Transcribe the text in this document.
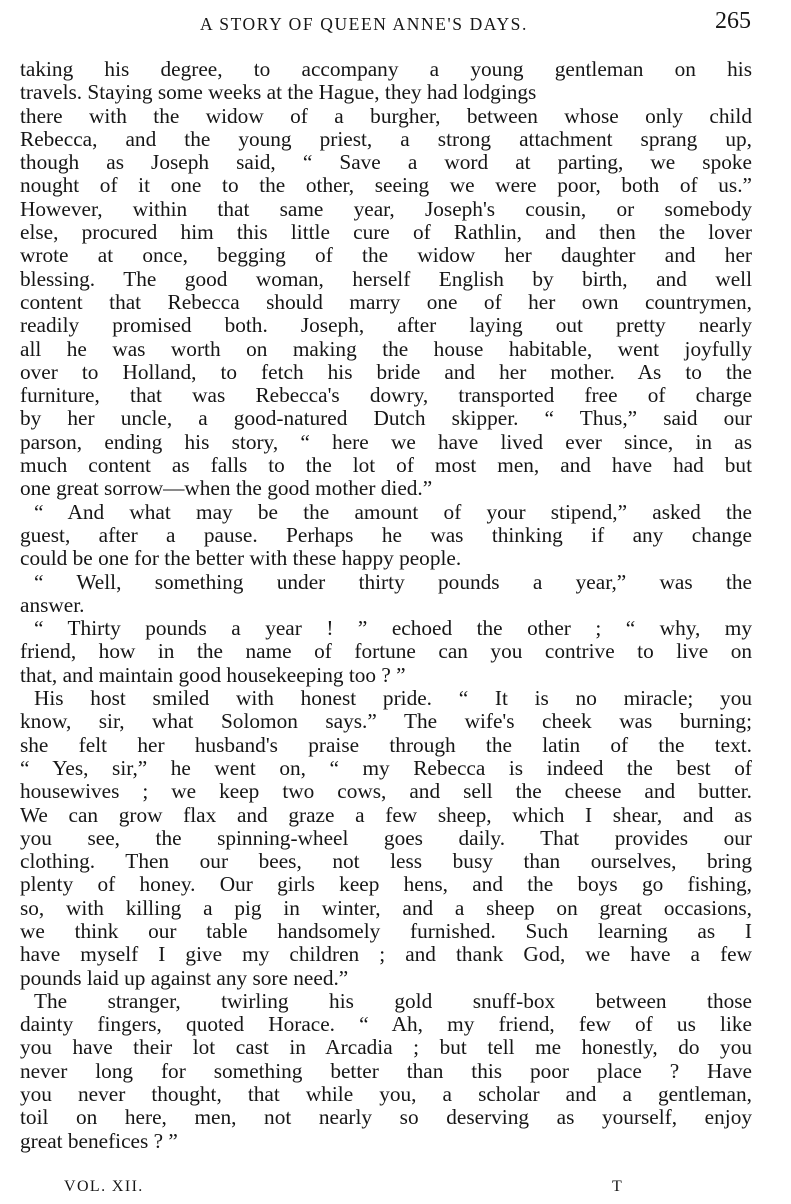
A STORY OF QUEEN ANNE'S DAYS.	265
taking his degree, to accompany a young gentleman on his
travels. Staying some weeks at the Hague, they had lodgings
there with the widow of a burgher, between whose only child
Rebecca, and the young priest, a strong attachment sprang up,
though as Joseph said, “ Save a word at parting, we spoke
nought of it one to the other, seeing we were poor, both of us.”
However, within that same year, Joseph's cousin, or somebody
else, procured him this little cure of Rathlin, and then the lover
wrote at once, begging of the widow her daughter and her
blessing. The good woman, herself English by birth, and well
content that Rebecca should marry one of her own countrymen,
readily promised both. Joseph, after laying out pretty nearly
all he was worth on making the house habitable, went joyfully
over to Holland, to fetch his bride and her mother. As to the
furniture, that was Rebecca's dowry, transported free of charge
by her uncle, a good-natured Dutch skipper. “ Thus,” said our
parson, ending his story, “ here we have lived ever since, in as
much content as falls to the lot of most men, and have had but
one great sorrow—when the good mother died.”
“ And what may be the amount of your stipend,” asked the
guest, after a pause. Perhaps he was thinking if any change
could be one for the better with these happy people.
“ Well, something under thirty pounds a year,” was the
answer.
“ Thirty pounds a year ! ” echoed the other ; “ why, my
friend, how in the name of fortune can you contrive to live on
that, and maintain good housekeeping too ? ”
His host smiled with honest pride. “ It is no miracle; you
know, sir, what Solomon says.” The wife's cheek was burning;
she felt her husband's praise through the latin of the text.
“ Yes, sir,” he went on, “ my Rebecca is indeed the best of
housewives ; we keep two cows, and sell the cheese and butter.
We can grow flax and graze a few sheep, which I shear, and as
you see, the spinning-wheel goes daily. That provides our
clothing. Then our bees, not less busy than ourselves, bring
plenty of honey. Our girls keep hens, and the boys go fishing,
so, with killing a pig in winter, and a sheep on great occasions,
we think our table handsomely furnished. Such learning as I
have myself I give my children ; and thank God, we have a few
pounds laid up against any sore need.”
The stranger, twirling his gold snuff-box between those
dainty fingers, quoted Horace. “ Ah, my friend, few of us like
you have their lot cast in Arcadia ; but tell me honestly, do you
never long for something better than this poor place ? Have
you never thought, that while you, a scholar and a gentleman,
toil on here, men, not nearly so deserving as yourself, enjoy
great benefices ? ”
VOL. XII.	T
